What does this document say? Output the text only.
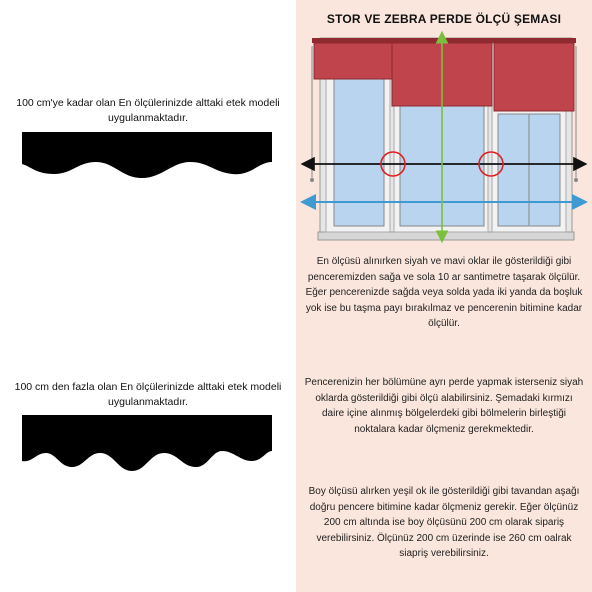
100 cm'ye kadar olan En ölçülerinizde alttaki etek modeli uygulanmaktadır.
100 cm den fazla olan En ölçülerinizde alttaki etek modeli uygulanmaktadır.
STOR VE ZEBRA PERDE ÖLÇÜ ŞEMASI
En ölçüsü alınırken siyah ve mavi oklar ile gösterildiği gibi penceremizden sağa ve sola 10 ar santimetre taşarak ölçülür. Eğer pencerenizde sağda veya solda yada iki yanda da boşluk yok ise bu taşma payı bırakılmaz ve pencerenin bitimine kadar ölçülür.
Pencerenizin her bölümüne ayrı perde yapmak isterseniz siyah oklarda gösterildiği gibi ölçü alabilirsiniz. Şemadaki kırmızı daire içine alınmış bölgelerdeki gibi bölmelerin birleştiği noktalara kadar ölçmeniz gerekmektedir.
Boy ölçüsü alırken yeşil ok ile gösterildiği gibi tavandan aşağı doğru pencere bitimine kadar ölçmeniz gerekir. Eğer ölçünüz 200 cm altında ise boy ölçüsünü 200 cm olarak sipariş verebilirsiniz. Ölçünüz 200 cm üzerinde ise 260 cm oalrak siapriş verebilirsiniz.
